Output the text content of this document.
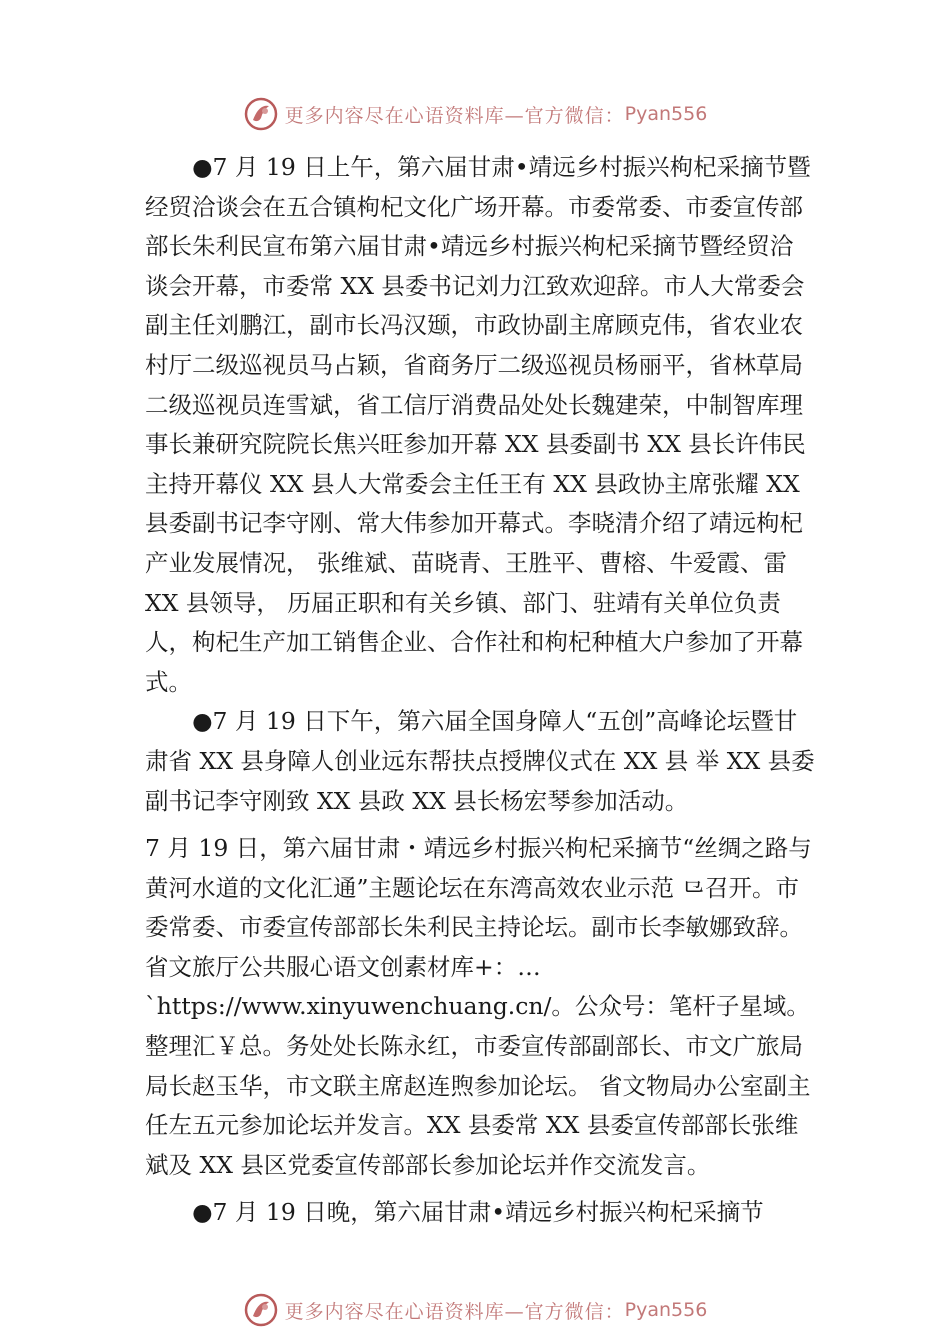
更多内容尽在心语资料库—官方微信： Pyan556

●7 月 19 日上午，第六届甘肃•靖远乡村振兴枸杞采摘节暨经贸洽谈会在五合镇枸杞文化广场开幕。市委常委、市委宣传部部长朱利民宣布第六届甘肃•靖远乡村振兴枸杞采摘节暨经贸洽谈会开幕，市委常 XX 县委书记刘力江致欢迎辞。市人大常委会副主任刘鹏江，副市长冯汉颋，市政协副主席顾克伟，省农业农村厅二级巡视员马占颖，省商务厅二级巡视员杨丽平，省林草局二级巡视员连雪斌，省工信厅消费品处处长魏建荣，中制智库理事长兼研究院院长焦兴旺参加开幕 XX 县委副书 XX 县长许伟民主持开幕仪 XX 县人大常委会主任王有 XX 县政协主席张耀 XX 县委副书记李守刚、常大伟参加开幕式。李晓清介绍了靖远枸杞产业发展情况， 张维斌、苗晓青、王胜平、曹榕、牛爱霞、雷 XX 县领导， 历届正职和有关乡镇、部门、驻靖有关单位负责人，枸杞生产加工销售企业、合作社和枸杞种植大户参加了开幕式。

●7 月 19 日下午，第六届全国身障人“五创”高峰论坛暨甘肃省 XX 县身障人创业远东帮扶点授牌仪式在 XX 县 举 XX 县委副书记李守刚致 XX 县政 XX 县长杨宏琴参加活动。

7 月 19 日，第六届甘肃・靖远乡村振兴枸杞采摘节“丝绸之路与黄河水道的文化汇通”主题论坛在东湾高效农业示范 ⺋召开。市委常委、市委宣传部部长朱利民主持论坛。副市长李敏娜致辞。省文旅厅公共服心语文创素材库+：…`https://www.xinyuwenchuang.cn/。公众号：笔杆子星域。整理汇￥总。务处处长陈永红，市委宣传部副部长、市文广旅局局长赵玉华，市文联主席赵连煦参加论坛。 省文物局办公室副主任左五元参加论坛并发言。XX 县委常 XX 县委宣传部部长张维斌及 XX 县区党委宣传部部长参加论坛并作交流发言。

●7 月 19 日晚，第六届甘肃•靖远乡村振兴枸杞采摘节

更多内容尽在心语资料库—官方微信： Pyan556
